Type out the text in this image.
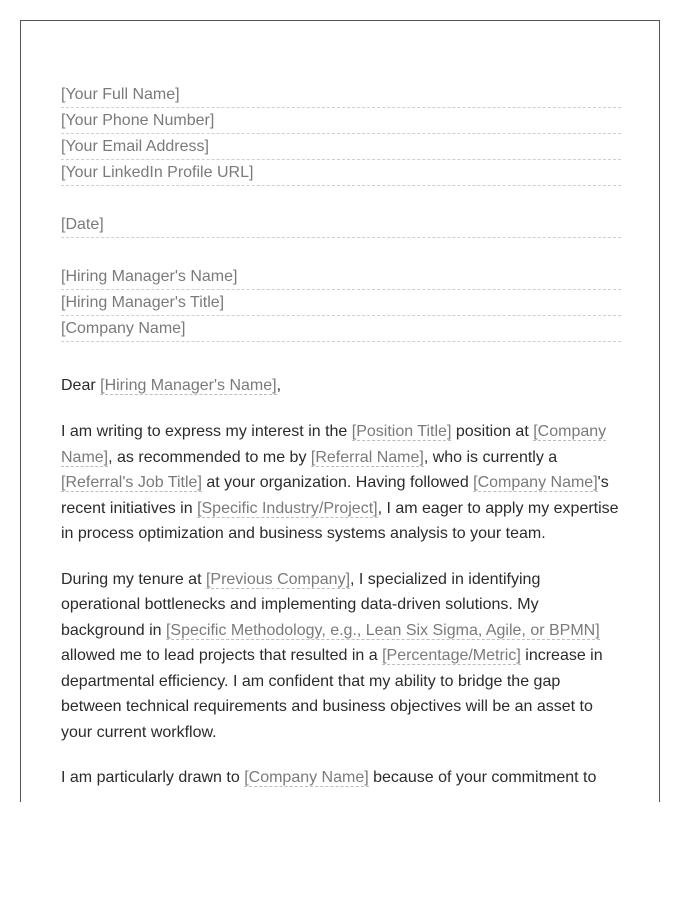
[Your Full Name]
[Your Phone Number]
[Your Email Address]
[Your LinkedIn Profile URL]
[Date]
[Hiring Manager's Name]
[Hiring Manager's Title]
[Company Name]
Dear [Hiring Manager's Name],

I am writing to express my interest in the [Position Title] position at [Company Name], as recommended to me by [Referral Name], who is currently a [Referral's Job Title] at your organization. Having followed [Company Name]'s recent initiatives in [Specific Industry/Project], I am eager to apply my expertise in process optimization and business systems analysis to your team.

During my tenure at [Previous Company], I specialized in identifying operational bottlenecks and implementing data-driven solutions. My background in [Specific Methodology, e.g., Lean Six Sigma, Agile, or BPMN] allowed me to lead projects that resulted in a [Percentage/Metric] increase in departmental efficiency. I am confident that my ability to bridge the gap between technical requirements and business objectives will be an asset to your current workflow.

I am particularly drawn to [Company Name] because of your commitment to
